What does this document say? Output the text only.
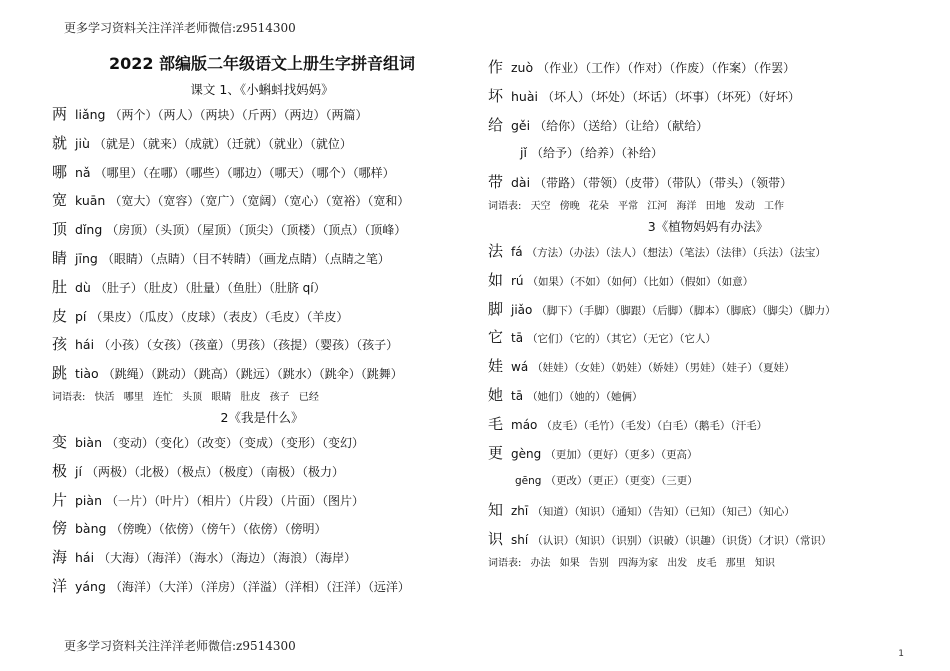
更多学习资料关注洋洋老师微信:z9514300
2022 部编版二年级语文上册生字拼音组词
课文 1、《小蝌蚪找妈妈》
两 liǎng （两个）（两人）（两块）（斤两）（两边）（两篇）
就 jiù （就是）（就来）（成就）（迁就）（就业）（就位）
哪 nǎ （哪里）（在哪）（哪些）（哪边）（哪天）（哪个）（哪样）
宽 kuān （宽大）（宽容）（宽广）（宽阔）（宽心）（宽裕）（宽和）
顶 dǐng （房顶）（头顶）（屋顶）（顶尖）（顶楼）（顶点）（顶峰）
睛 jīng （眼睛）（点睛）（目不转睛）（画龙点睛）（点睛之笔）
肚 dù （肚子）（肚皮）（肚量）（鱼肚）（肚脐 qí）
皮 pí （果皮）（瓜皮）（皮球）（表皮）（毛皮）（羊皮）
孩 hái （小孩）（女孩）（孩童）（男孩）（孩提）（婴孩）（孩子）
跳 tiào （跳绳）（跳动）（跳高）（跳远）（跳水）（跳伞）（跳舞）
词语表: 快活 哪里 连忙 头顶 眼睛 肚皮 孩子 已经
2《我是什么》
变 biàn （变动）（变化）（改变）（变成）（变形）（变幻）
极 jí （两极）（北极）（极点）（极度）（南极）（极力）
片 piàn （一片）（叶片）（相片）（片段）（片面）（图片）
傍 bàng （傍晚）（依傍）（傍午）（依傍）（傍明）
海 hái （大海）（海洋）（海水）（海边）（海浪）（海岸）
洋 yáng （海洋）（大洋）（洋房）（洋溢）（洋相）（汪洋）（远洋）
作 zuò （作业）（工作）（作对）（作废）（作案）（作罢）
坏 huài （坏人）（坏处）（坏话）（坏事）（坏死）（好坏）
给 gěi （给你）（送给）（让给）（献给）
jǐ （给予）（给养）（补给）
带 dài （带路）（带领）（皮带）（带队）（带头）（领带）
词语表: 天空 傍晚 花朵 平常 江河 海洋 田地 发动 工作
3《植物妈妈有办法》
法 fá （方法）（办法）（法人）（想法）（笔法）（法律）（兵法）（法宝）
如 rú （如果）（不如）（如何）（比如）（假如）（如意）
脚 jiǎo （脚下）（手脚）（脚跟）（后脚）（脚本）（脚底）（脚尖）（脚力）
它 tā （它们）（它的）（其它）（无它）（它人）
娃 wá （娃娃）（女娃）（奶娃）（娇娃）（男娃）（娃子）（夏娃）
她 tā （她们）（她的）（她俩）
毛 máo （皮毛）（毛竹）（毛发）（白毛）（鹅毛）（汗毛）
更 gèng （更加）（更好）（更多）（更高）
gēng （更改）（更正）（更变）（三更）
知 zhī （知道）（知识）（通知）（告知）（已知）（知己）（知心）
识 shí （认识）（知识）（识别）（识破）（识趣）（识货）（才识）（常识）
词语表: 办法 如果 告别 四海为家 出发 皮毛 那里 知识
更多学习资料关注洋洋老师微信:z9514300
1
